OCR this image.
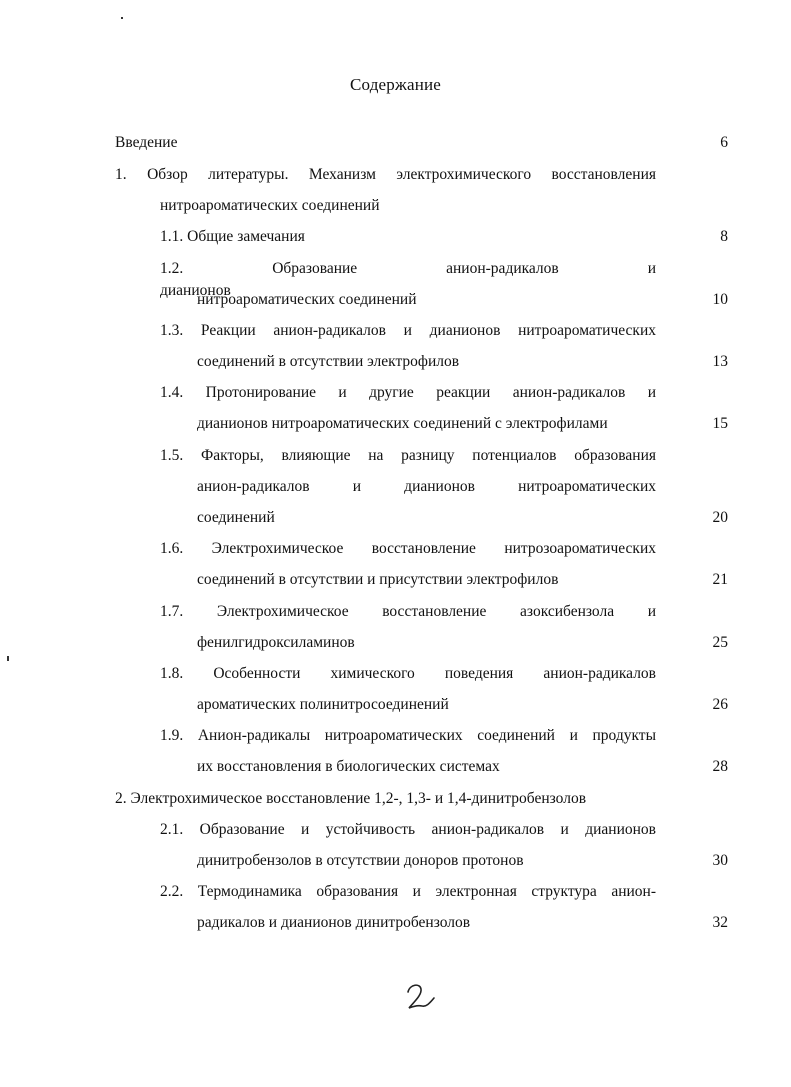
Содержание
Введение	6
1. Обзор литературы. Механизм электрохимического восстановления
нитроароматических соединений
1.1. Общие замечания	8
1.2. Образование анион-радикалов и дианионов
нитроароматических соединений	10
1.3. Реакции анион-радикалов и дианионов нитроароматических
соединений в отсутствии электрофилов	13
1.4. Протонирование и другие реакции анион-радикалов и
дианионов нитроароматических соединений с электрофилами	15
1.5. Факторы, влияющие на разницу потенциалов образования
анион-радикалов и дианионов нитроароматических
соединений	20
1.6. Электрохимическое восстановление нитрозоароматических
соединений в отсутствии и присутствии электрофилов	21
1.7. Электрохимическое восстановление азоксибензола и
фенилгидроксиламинов	25
1.8. Особенности химического поведения анион-радикалов
ароматических полинитросоединений	26
1.9. Анион-радикалы нитроароматических соединений и продукты
их восстановления в биологических системах	28
2. Электрохимическое восстановление 1,2-, 1,3- и 1,4-динитробензолов
2.1. Образование и устойчивость анион-радикалов и дианионов
динитробензолов в отсутствии доноров протонов	30
2.2. Термодинамика образования и электронная структура анион-
радикалов и дианионов динитробензолов	32
